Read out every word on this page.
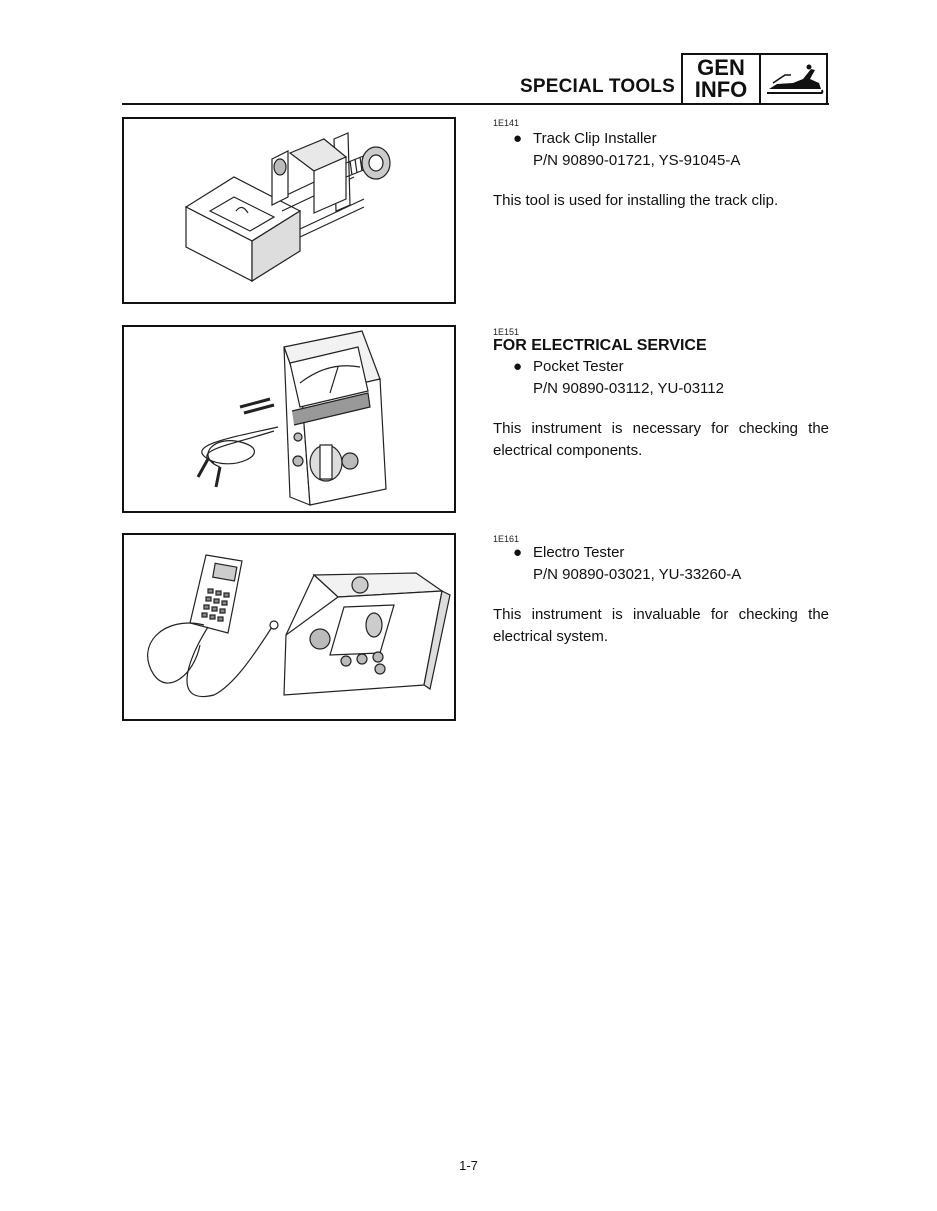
SPECIAL TOOLS
GEN
INFO
1E141
● Track Clip Installer
P/N 90890-01721, YS-91045-A
This tool is used for installing the track clip.
1E151
FOR ELECTRICAL SERVICE
● Pocket Tester
P/N 90890-03112, YU-03112
This instrument is necessary for checking the electrical components.
1E161
● Electro Tester
P/N 90890-03021, YU-33260-A
This instrument is invaluable for checking the electrical system.
1-7
